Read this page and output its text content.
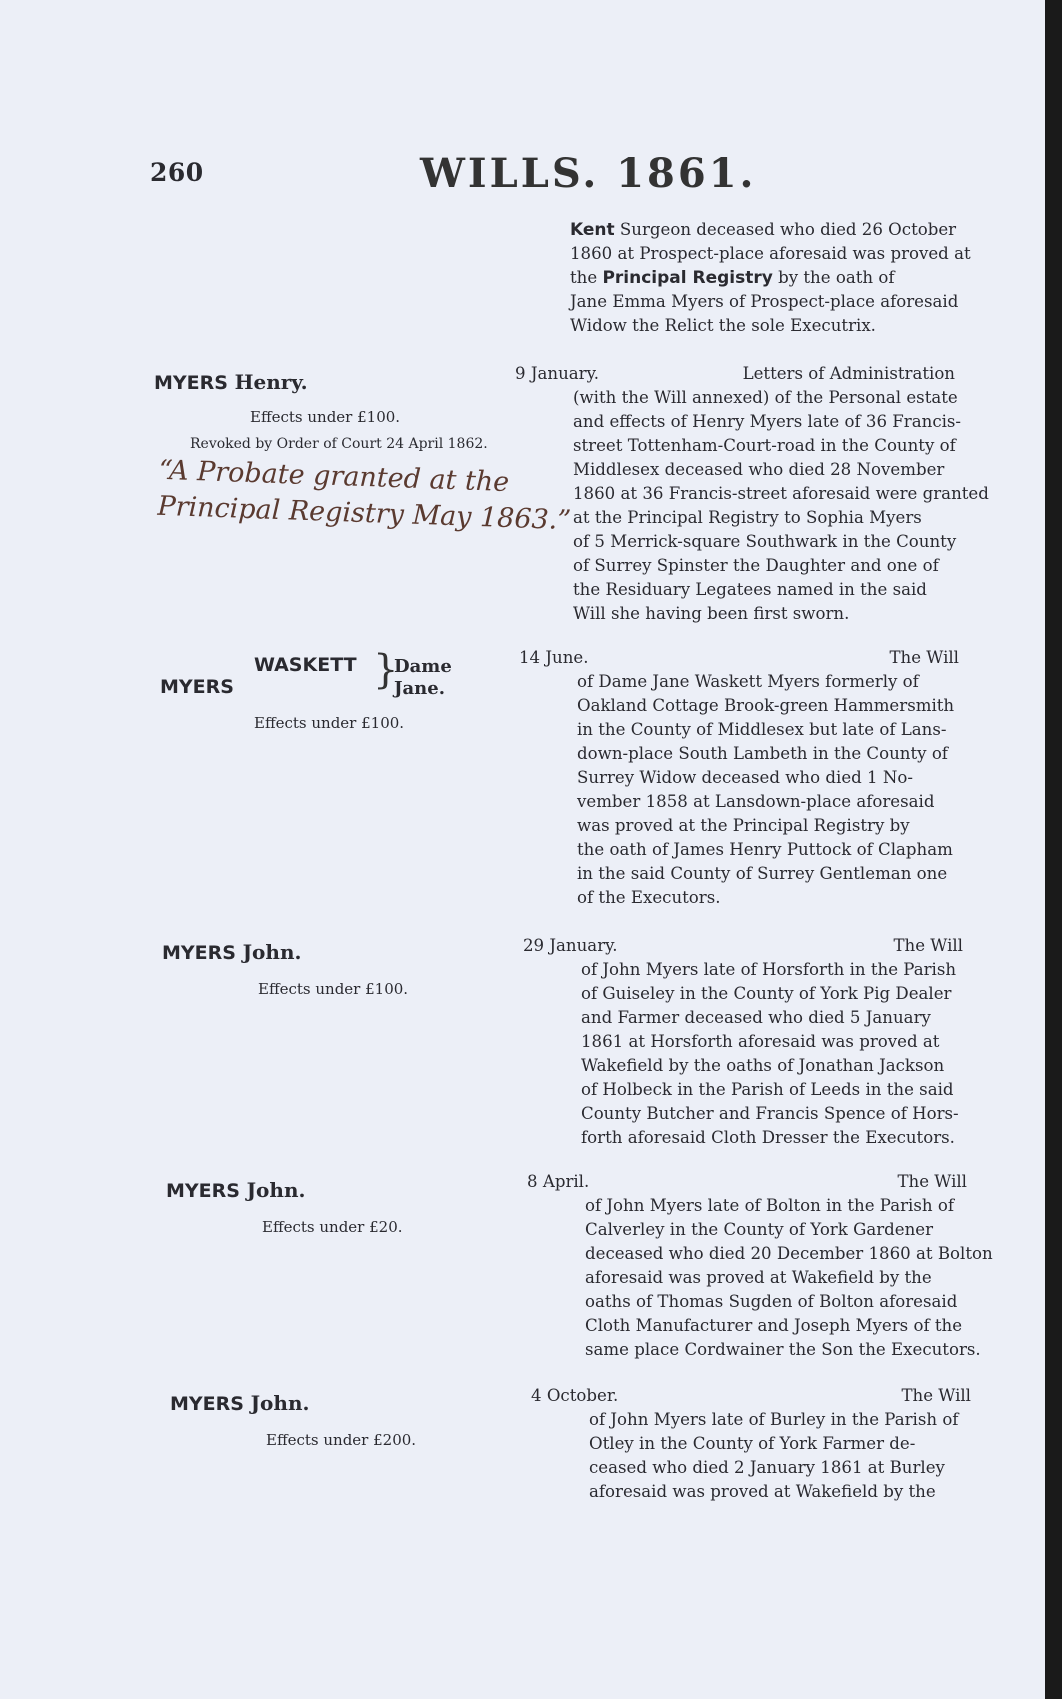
260	WILLS. 1861.
Kent Surgeon deceased who died 26 October
1860 at Prospect-place aforesaid was proved at
the Principal Registry by the oath of
Jane Emma Myers of Prospect-place aforesaid
Widow the Relict the sole Executrix.
MYERS Henry.
Effects under £100.
Revoked by Order of Court 24 April 1862.
“A Probate granted at the
Principal Registry May 1863.”
9 January.	Letters of Administration
(with the Will annexed) of the Personal estate
and effects of Henry Myers late of 36 Francis-
street Tottenham-Court-road in the County of
Middlesex deceased who died 28 November
1860 at 36 Francis-street aforesaid were granted
at the Principal Registry to Sophia Myers
of 5 Merrick-square Southwark in the County
of Surrey Spinster the Daughter and one of
the Residuary Legatees named in the said
Will she having been first sworn.
MYERS
WASKETT }
Dame
Jane.
Effects under £100.
14 June.	The Will
of Dame Jane Waskett Myers formerly of
Oakland Cottage Brook-green Hammersmith
in the County of Middlesex but late of Lans-
down-place South Lambeth in the County of
Surrey Widow deceased who died 1 No-
vember 1858 at Lansdown-place aforesaid
was proved at the Principal Registry by
the oath of James Henry Puttock of Clapham
in the said County of Surrey Gentleman one
of the Executors.
MYERS John.
Effects under £100.
29 January.	The Will
of John Myers late of Horsforth in the Parish
of Guiseley in the County of York Pig Dealer
and Farmer deceased who died 5 January
1861 at Horsforth aforesaid was proved at
Wakefield by the oaths of Jonathan Jackson
of Holbeck in the Parish of Leeds in the said
County Butcher and Francis Spence of Hors-
forth aforesaid Cloth Dresser the Executors.
MYERS John.
Effects under £20.
8 April.	The Will
of John Myers late of Bolton in the Parish of
Calverley in the County of York Gardener
deceased who died 20 December 1860 at Bolton
aforesaid was proved at Wakefield by the
oaths of Thomas Sugden of Bolton aforesaid
Cloth Manufacturer and Joseph Myers of the
same place Cordwainer the Son the Executors.
MYERS John.
Effects under £200.
4 October.	The Will
of John Myers late of Burley in the Parish of
Otley in the County of York Farmer de-
ceased who died 2 January 1861 at Burley
aforesaid was proved at Wakefield by the
